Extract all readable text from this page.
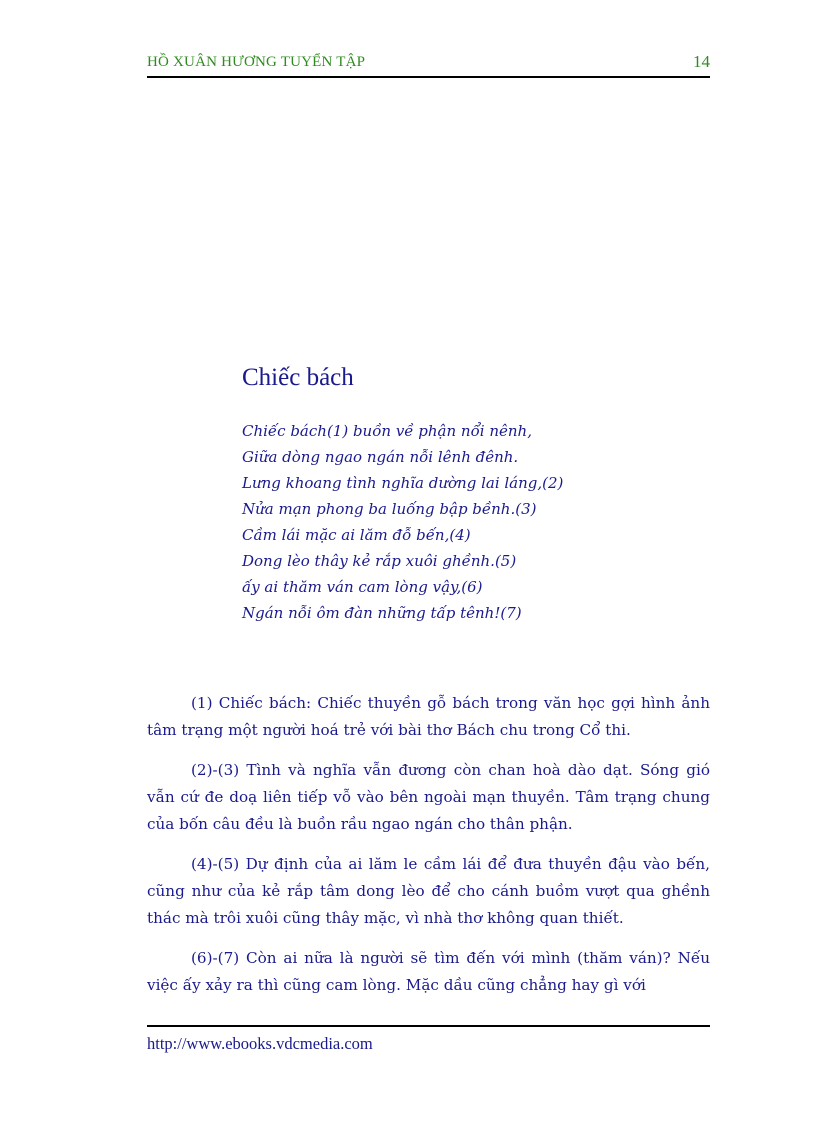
HỒ XUÂN HƯƠNG TUYỂN TẬP	14
Chiếc bách
Chiếc bách(1) buồn về phận nổi nênh,
Giữa dòng ngao ngán nỗi lênh đênh.
Lưng khoang tình nghĩa dường lai láng,(2)
Nửa mạn phong ba luống bập bềnh.(3)
Cầm lái mặc ai lăm đỗ bến,(4)
Dong lèo thây kẻ rắp xuôi ghềnh.(5)
ấy ai thăm ván cam lòng vậy,(6)
Ngán nỗi ôm đàn những tấp tênh!(7)

(1) Chiếc bách: Chiếc thuyền gỗ bách trong văn học gợi hình ảnh tâm trạng một người hoá trẻ với bài thơ Bách chu trong Cổ thi.

(2)-(3) Tình và nghĩa vẫn đương còn chan hoà dào dạt. Sóng gió vẫn cứ đe doạ liên tiếp vỗ vào bên ngoài mạn thuyền. Tâm trạng chung của bốn câu đều là buồn rầu ngao ngán cho thân phận.

(4)-(5) Dự định của ai lăm le cầm lái để đưa thuyền đậu vào bến, cũng như của kẻ rắp tâm dong lèo để cho cánh buồm vượt qua ghềnh thác mà trôi xuôi cũng thây mặc, vì nhà thơ không quan thiết.

(6)-(7) Còn ai nữa là người sẽ tìm đến với mình (thăm ván)? Nếu việc ấy xảy ra thì cũng cam lòng. Mặc dầu cũng chẳng hay gì với

http://www.ebooks.vdcmedia.com
